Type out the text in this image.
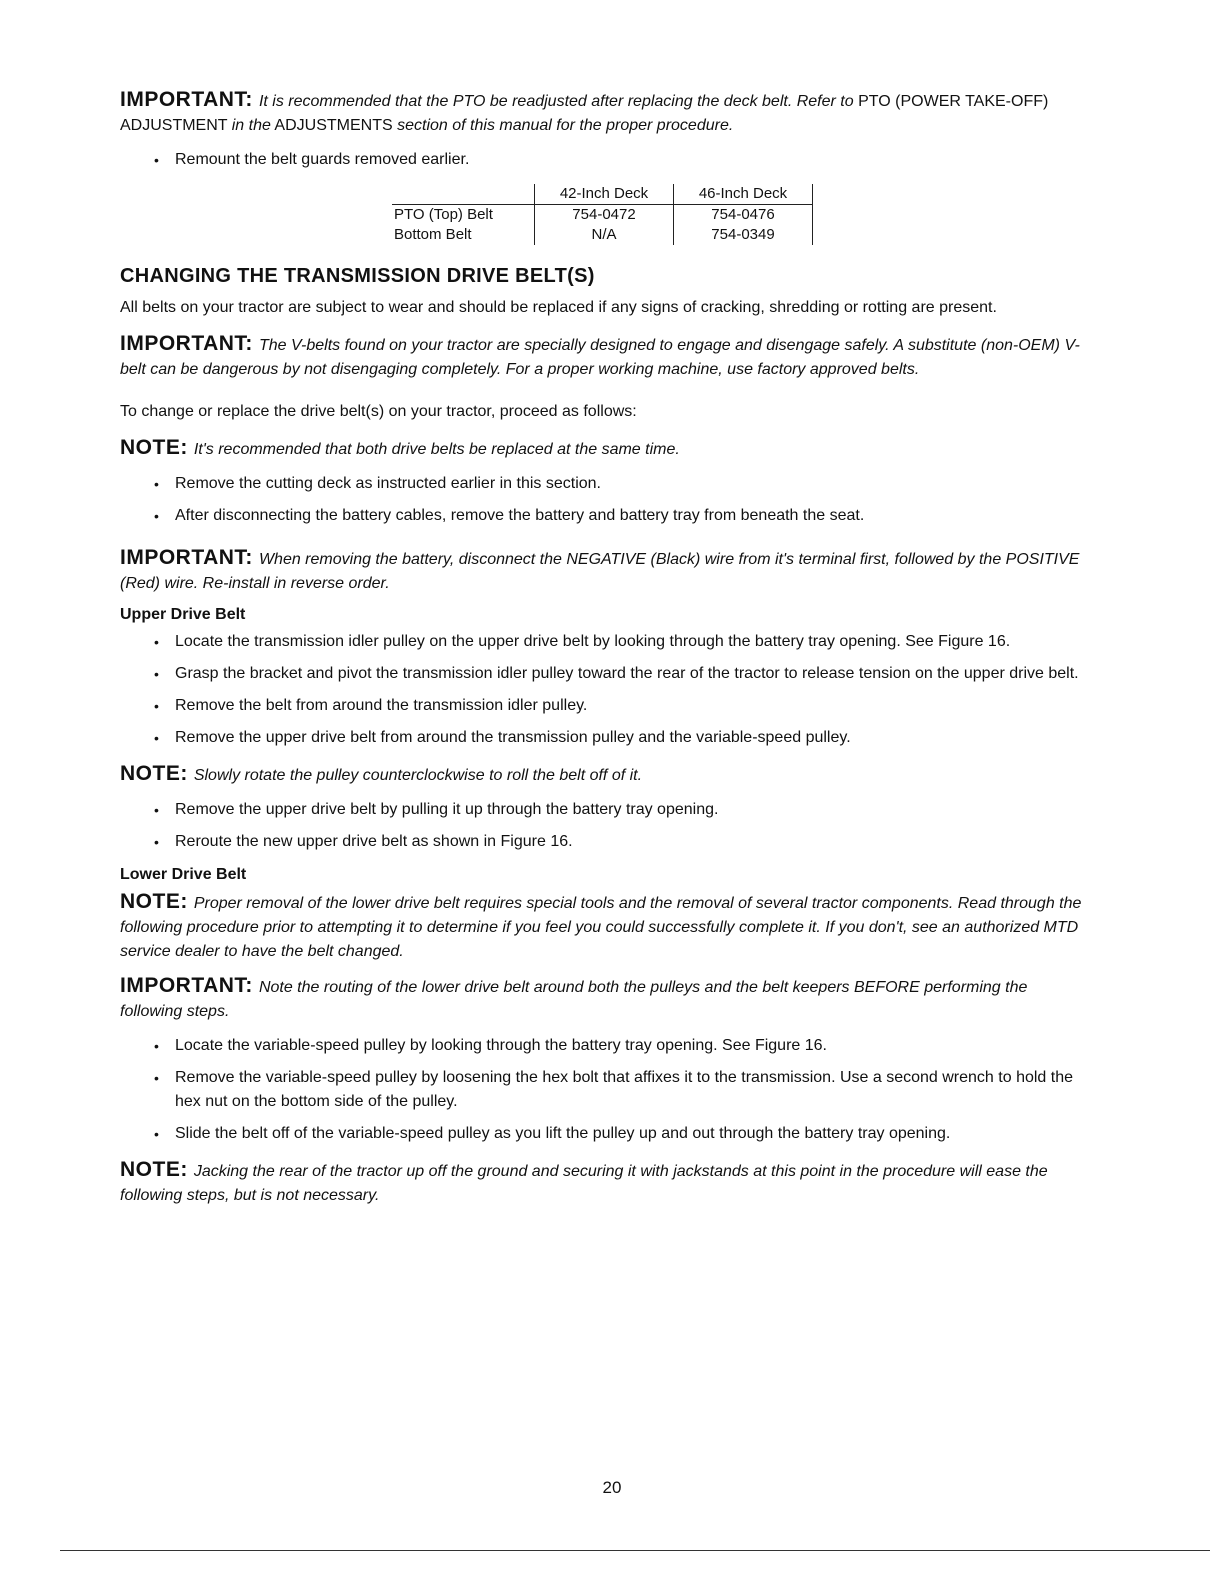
IMPORTANT: It is recommended that the PTO be readjusted after replacing the deck belt. Refer to PTO (POWER TAKE-OFF) ADJUSTMENT in the ADJUSTMENTS section of this manual for the proper procedure.

• Remount the belt guards removed earlier.
	42-Inch Deck	46-Inch Deck
PTO (Top) Belt	754-0472	754-0476
Bottom Belt	N/A	754-0349
CHANGING THE TRANSMISSION DRIVE BELT(S)

All belts on your tractor are subject to wear and should be replaced if any signs of cracking, shredding or rotting are present.

IMPORTANT: The V-belts found on your tractor are specially designed to engage and disengage safely. A substitute (non-OEM) V-belt can be dangerous by not disengaging completely. For a proper working machine, use factory approved belts.

To change or replace the drive belt(s) on your tractor, proceed as follows:

NOTE: It's recommended that both drive belts be replaced at the same time.

• Remove the cutting deck as instructed earlier in this section.
• After disconnecting the battery cables, remove the battery and battery tray from beneath the seat.

IMPORTANT: When removing the battery, disconnect the NEGATIVE (Black) wire from it's terminal first, followed by the POSITIVE (Red) wire. Re-install in reverse order.

Upper Drive Belt
• Locate the transmission idler pulley on the upper drive belt by looking through the battery tray opening. See Figure 16.
• Grasp the bracket and pivot the transmission idler pulley toward the rear of the tractor to release tension on the upper drive belt.
• Remove the belt from around the transmission idler pulley.
• Remove the upper drive belt from around the transmission pulley and the variable-speed pulley.

NOTE: Slowly rotate the pulley counterclockwise to roll the belt off of it.

• Remove the upper drive belt by pulling it up through the battery tray opening.
• Reroute the new upper drive belt as shown in Figure 16.
Lower Drive Belt

NOTE: Proper removal of the lower drive belt requires special tools and the removal of several tractor components. Read through the following procedure prior to attempting it to determine if you feel you could successfully complete it. If you don't, see an authorized MTD service dealer to have the belt changed.

IMPORTANT: Note the routing of the lower drive belt around both the pulleys and the belt keepers BEFORE performing the following steps.

• Locate the variable-speed pulley by looking through the battery tray opening. See Figure 16.
• Remove the variable-speed pulley by loosening the hex bolt that affixes it to the transmission. Use a second wrench to hold the hex nut on the bottom side of the pulley.
• Slide the belt off of the variable-speed pulley as you lift the pulley up and out through the battery tray opening.

NOTE: Jacking the rear of the tractor up off the ground and securing it with jackstands at this point in the procedure will ease the following steps, but is not necessary.

20
